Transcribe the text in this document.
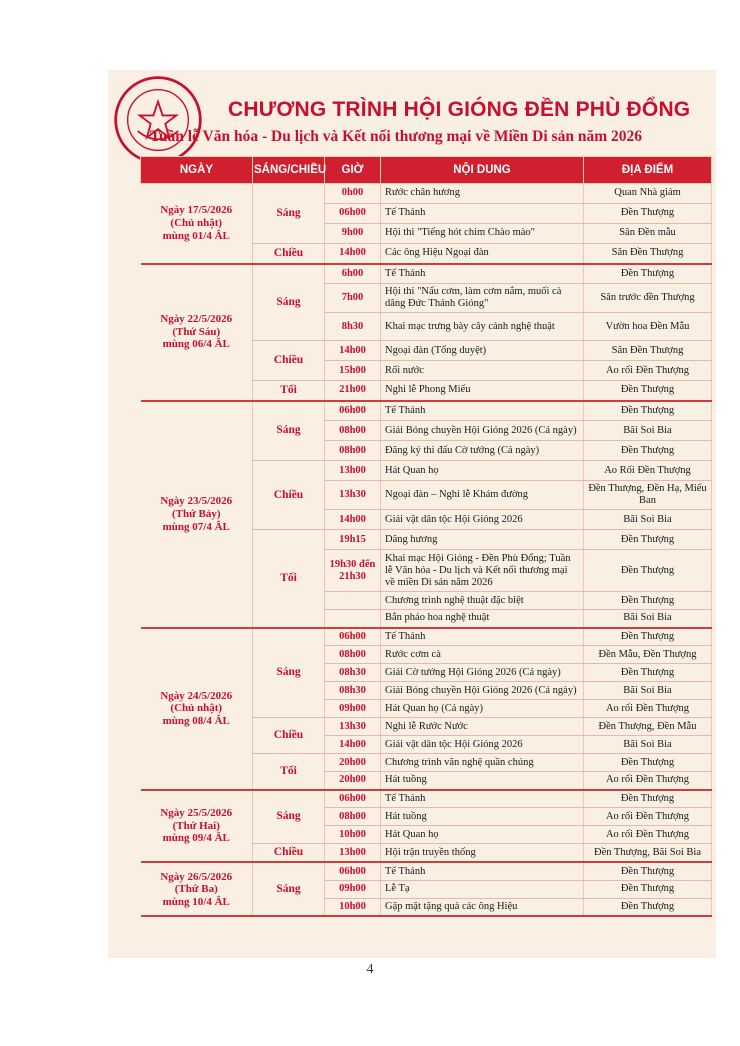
CHƯƠNG TRÌNH HỘI GIÓNG ĐỀN PHÙ ĐỔNG
Tuần lễ Văn hóa - Du lịch và Kết nối thương mại về Miền Di sản năm 2026
NGÀY	SÁNG/CHIỀU	GIỜ	NỘI DUNG	ĐỊA ĐIỂM

Ngày 17/5/2026
(Chủ nhật)
mùng 01/4 ÂL	Sáng	0h00	Rước chân hương	Quan Nhà giám
		06h00	Tế Thánh	Đền Thượng
		9h00	Hội thi "Tiếng hót chim Chào mào"	Sân Đền mẫu
	Chiều	14h00	Các ông Hiệu Ngoại đàn	Sân Đền Thượng

Ngày 22/5/2026
(Thứ Sáu)
mùng 06/4 ÂL	Sáng	6h00	Tế Thánh	Đền Thượng
		7h00	Hội thi "Nấu cơm, làm cơm nắm, muối cà dâng Đức Thánh Gióng"	Sân trước đền Thượng
		8h30	Khai mạc trưng bày cây cảnh nghệ thuật	Vườn hoa Đền Mẫu
	Chiều	14h00	Ngoại đàn (Tổng duyệt)	Sân Đền Thượng
		15h00	Rối nước	Ao rối Đền Thượng
	Tối	21h00	Nghi lễ Phong Miếu	Đền Thượng

Ngày 23/5/2026
(Thứ Bảy)
mùng 07/4 ÂL	Sáng	06h00	Tế Thánh	Đền Thượng
		08h00	Giải Bóng chuyền Hội Gióng 2026 (Cả ngày)	Bãi Soi Bia
		08h00	Đăng ký thi đấu Cờ tướng (Cả ngày)	Đền Thượng
	Chiều	13h00	Hát Quan họ	Ao Rối Đền Thượng
		13h30	Ngoại đàn – Nghi lễ Khám đường	Đền Thượng, Đền Hạ, Miếu Ban
		14h00	Giải vật dân tộc Hội Gióng 2026	Bãi Soi Bia
	Tối	19h15	Dâng hương	Đền Thượng
		19h30 đến 21h30	Khai mạc Hội Gióng - Đền Phù Đổng; Tuần lễ Văn hóa - Du lịch và Kết nối thương mại về miền Di sản năm 2026	Đền Thượng
			Chương trình nghệ thuật đặc biệt	Đền Thượng
			Bắn pháo hoa nghệ thuật	Bãi Soi Bia

Ngày 24/5/2026
(Chủ nhật)
mùng 08/4 ÂL	Sáng	06h00	Tế Thánh	Đền Thượng
		08h00	Rước cơm cà	Đền Mẫu, Đền Thượng
		08h30	Giải Cờ tướng Hội Gióng 2026 (Cả ngày)	Đền Thượng
		08h30	Giải Bóng chuyền Hội Gióng 2026 (Cả ngày)	Bãi Soi Bia
		09h00	Hát Quan họ (Cả ngày)	Ao rối Đền Thượng
	Chiều	13h30	Nghi lễ Rước Nước	Đền Thượng, Đền Mẫu
		14h00	Giải vật dân tộc Hội Gióng 2026	Bãi Soi Bia
	Tối	20h00	Chương trình văn nghệ quần chúng	Đền Thượng
		20h00	Hát tuồng	Ao rối Đền Thượng

Ngày 25/5/2026
(Thứ Hai)
mùng 09/4 ÂL	Sáng	06h00	Tế Thánh	Đền Thượng
		08h00	Hát tuồng	Ao rối Đền Thượng
		10h00	Hát Quan họ	Ao rối Đền Thượng
	Chiều	13h00	Hội trận truyền thống	Đền Thượng, Bãi Soi Bia

Ngày 26/5/2026
(Thứ Ba)
mùng 10/4 ÂL	Sáng	06h00	Tế Thánh	Đền Thượng
		09h00	Lễ Tạ	Đền Thượng
		10h00	Gặp mặt tặng quà các ông Hiệu	Đền Thượng
4
